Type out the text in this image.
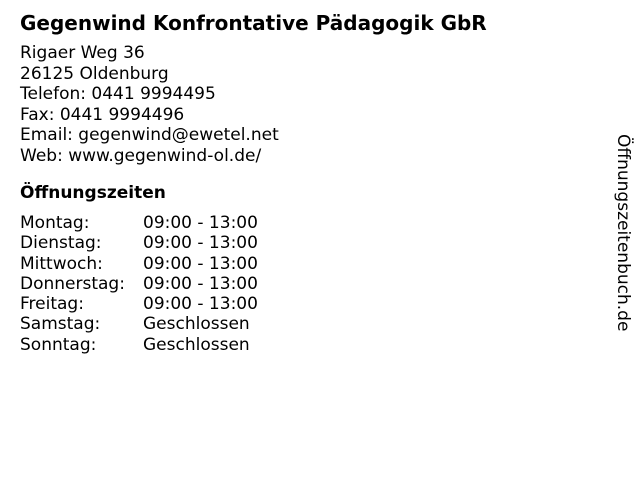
Gegenwind Konfrontative Pädagogik GbR
Rigaer Weg 36
26125 Oldenburg
Telefon: 0441 9994495
Fax: 0441 9994496
Email: gegenwind@ewetel.net
Web: www.gegenwind-ol.de/
Öffnungszeiten
Montag:	09:00 - 13:00
Dienstag:	09:00 - 13:00
Mittwoch:	09:00 - 13:00
Donnerstag:	09:00 - 13:00
Freitag:	09:00 - 13:00
Samstag:	Geschlossen
Sonntag:	Geschlossen
Öffnungszeitenbuch.de
